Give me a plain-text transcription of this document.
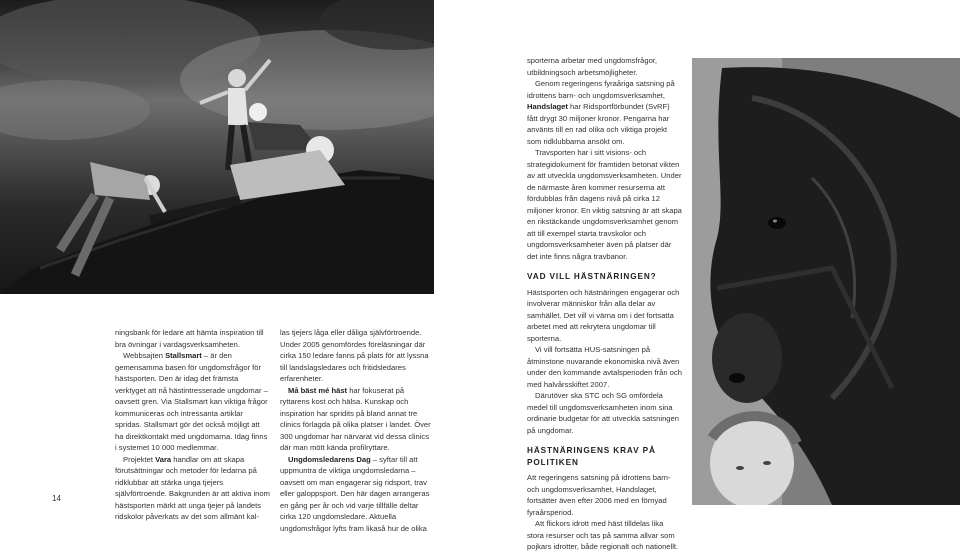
ningsbank för ledare att hämta inspiration till bra övningar i vardagsverksamheten.

Webbsajten Stallsmart – är den gemensamma basen för ungdomsfrågor för hästsporten. Den är idag det främsta verktyget att nå hästintresserade ungdomar – oavsett gren. Via Stallsmart kan viktiga frågor kommuniceras och intressanta artiklar spridas. Stallsmart gör det också möjligt att ha direktkontakt med ungdomarna. Idag finns i systemet 10 000 medlemmar.

Projektet Vara handlar om att skapa förutsättningar och metoder för ledarna på ridklubbar att stärka unga tjejers självförtroende. Bakgrunden är att aktiva inom hästsporten märkt att unga tjejer på landets ridskolor påverkats av det som allmänt kal-

las tjejers låga eller dåliga självförtroende. Under 2005 genomfördes föreläsningar där cirka 150 ledare fanns på plats för att lyssna till landslagsledares och fritidsledares erfarenheter.

Må bäst mé häst har fokuserat på ryttarens kost och hälsa. Kunskap och inspiration har spridits på bland annat tre clinics förlagda på olika platser i landet. Över 300 ungdomar har närvarat vid dessa clinics där man mött kända profilryttare.

Ungdomsledarens Dag – syftar till att uppmuntra de viktiga ungdomsledarna – oavsett om man engagerar sig ridsport, trav eller galoppsport. Den här dagen arrangeras en gång per år och vid varje tillfälle deltar cirka 120 ungdomsledare. Aktuella ungdomsfrågor lyfts fram likaså hur de olika

sporterna arbetar med ungdomsfrågor, utbildningsoch arbetsmöjligheter.

Genom regeringens fyraåriga satsning på idrottens barn- och ungdomsverksamhet, Handslaget har Ridsportförbundet (SvRF) fått drygt 30 miljoner kronor. Pengarna har använts till en rad olika och viktiga projekt som ridklubbarna ansökt om.

Travsporten har i sitt visions- och strategidokument för framtiden betonat vikten av att utveckla ungdomsverksamheten. Under de närmaste åren kommer resurserna att fördubblas från dagens nivå på cirka 12 miljoner kronor. En viktig satsning är att skapa en rikstäckande ungdomsverksamhet genom att till exempel starta travskolor och ungdomsverksamheter även på platser där det inte finns några travbanor.

VAD VILL HÄSTNÄRINGEN?

Hästsporten och hästnäringen engagerar och involverar människor från alla delar av samhället. Det vill vi värna om i det fortsatta arbetet med att rekrytera ungdomar till sporterna.

Vi vill fortsätta HUS-satsningen på åtminstone nuvarande ekonomiska nivå även under den kommande avtalsperioden från och med halvårsskiftet 2007.

Därutöver ska STC och SG omfördela medel till ungdomsverksamheten inom sina ordinarie budgetar för att utveckla satsningen på ungdomar.

HÄSTNÄRINGENS KRAV PÅ POLITIKEN

Att regeringens satsning på idrottens barn- och ungdomsverksamhet, Handslaget, fortsätter även efter 2006 med en förnyad fyraårsperiod.

Att flickors idrott med häst tilldelas lika stora resurser och tas på samma allvar som pojkars idrotter, både regionalt och nationellt.

14
